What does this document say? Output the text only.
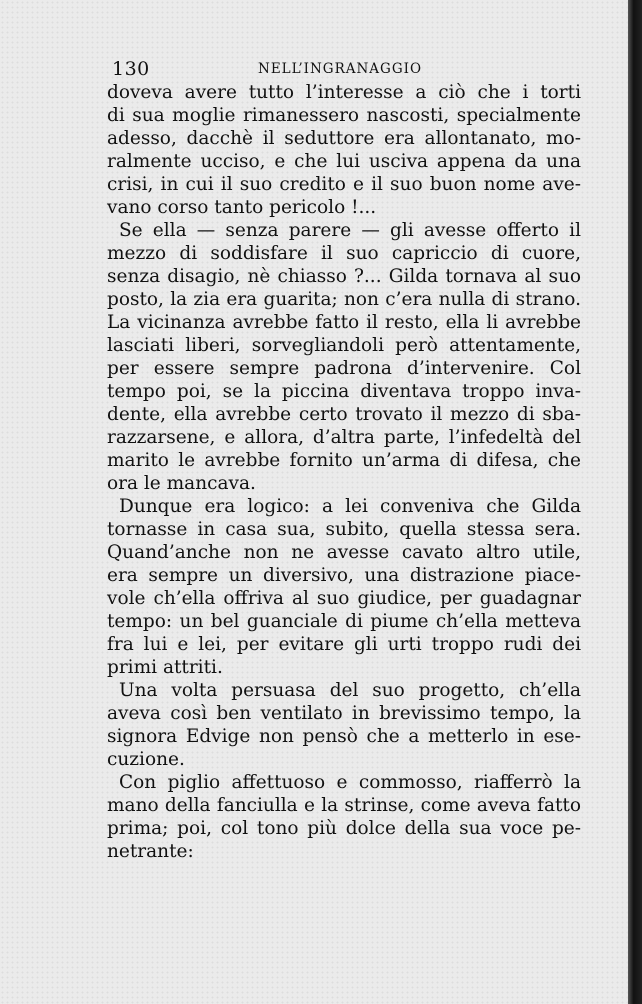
130	NELL’INGRANAGGIO
doveva avere tutto l’interesse a ciò che i torti
di sua moglie rimanessero nascosti, specialmente
adesso, dacchè il seduttore era allontanato, mo-
ralmente ucciso, e che lui usciva appena da una
crisi, in cui il suo credito e il suo buon nome ave-
vano corso tanto pericolo !...
Se ella — senza parere — gli avesse offerto il
mezzo di soddisfare il suo capriccio di cuore,
senza disagio, nè chiasso ?... Gilda tornava al suo
posto, la zia era guarita; non c’era nulla di strano.
La vicinanza avrebbe fatto il resto, ella li avrebbe
lasciati liberi, sorvegliandoli però attentamente,
per essere sempre padrona d’intervenire. Col
tempo poi, se la piccina diventava troppo inva-
dente, ella avrebbe certo trovato il mezzo di sba-
razzarsene, e allora, d’altra parte, l’infedeltà del
marito le avrebbe fornito un’arma di difesa, che
ora le mancava.
Dunque era logico: a lei conveniva che Gilda
tornasse in casa sua, subito, quella stessa sera.
Quand’anche non ne avesse cavato altro utile,
era sempre un diversivo, una distrazione piace-
vole ch’ella offriva al suo giudice, per guadagnar
tempo: un bel guanciale di piume ch’ella metteva
fra lui e lei, per evitare gli urti troppo rudi dei
primi attriti.
Una volta persuasa del suo progetto, ch’ella
aveva così ben ventilato in brevissimo tempo, la
signora Edvige non pensò che a metterlo in ese-
cuzione.
Con piglio affettuoso e commosso, riafferrò la
mano della fanciulla e la strinse, come aveva fatto
prima; poi, col tono più dolce della sua voce pe-
netrante:
